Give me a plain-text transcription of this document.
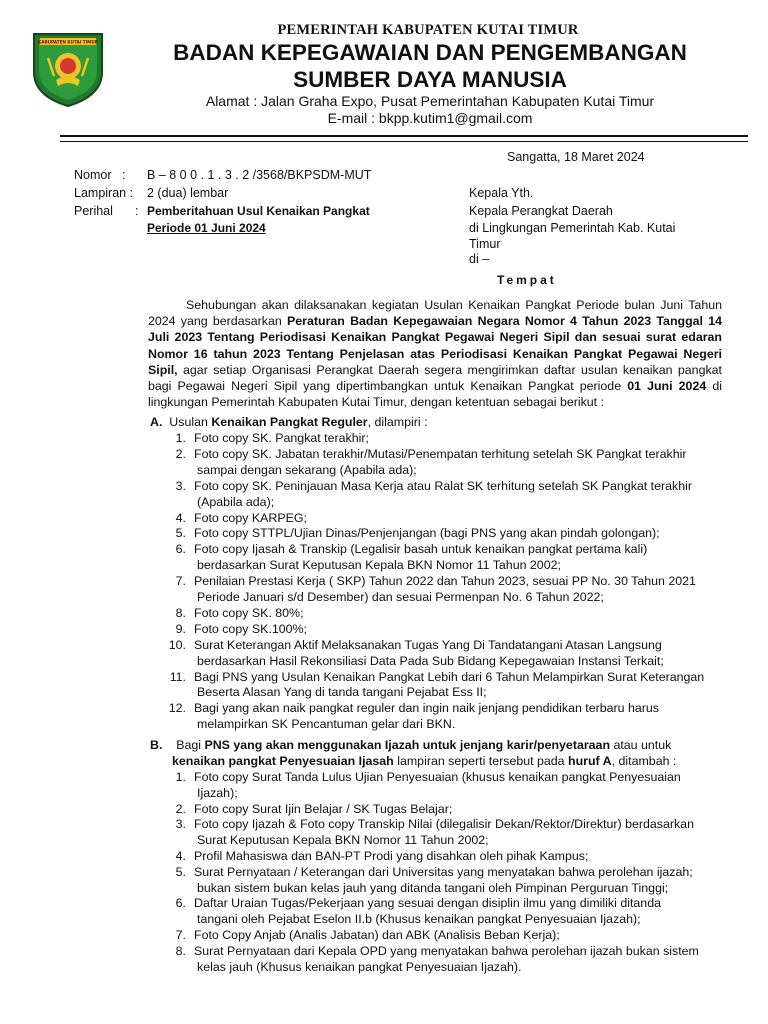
KABUPATEN KUTAI TIMUR
PEMERINTAH KABUPATEN KUTAI TIMUR
BADAN KEPEGAWAIAN DAN PENGEMBANGAN
SUMBER DAYA MANUSIA
Alamat : Jalan Graha Expo, Pusat Pemerintahan Kabupaten Kutai Timur
E-mail : bkpp.kutim1@gmail.com
Sangatta, 18 Maret 2024
Nomor : B – 8 0 0 . 1 . 3 . 2 /3568/BKPSDM-MUT
Lampiran : 2 (dua) lembar
Perihal : Pemberitahuan Usul Kenaikan Pangkat
Periode 01 Juni 2024
Kepala Yth.
Kepala Perangkat Daerah
di Lingkungan Pemerintah Kab. Kutai
Timur
di –
Tempat
Sehubungan akan dilaksanakan kegiatan Usulan Kenaikan Pangkat Periode bulan Juni Tahun 2024 yang berdasarkan Peraturan Badan Kepegawaian Negara Nomor 4 Tahun 2023 Tanggal 14 Juli 2023 Tentang Periodisasi Kenaikan Pangkat Pegawai Negeri Sipil dan sesuai surat edaran Nomor 16 tahun 2023 Tentang Penjelasan atas Periodisasi Kenaikan Pangkat Pegawai Negeri Sipil, agar setiap Organisasi Perangkat Daerah segera mengirimkan daftar usulan kenaikan pangkat bagi Pegawai Negeri Sipil yang dipertimbangkan untuk Kenaikan Pangkat periode 01 Juni 2024 di lingkungan Pemerintah Kabupaten Kutai Timur, dengan ketentuan sebagai berikut :
A. Usulan Kenaikan Pangkat Reguler, dilampiri :
1. Foto copy SK. Pangkat terakhir;
2. Foto copy SK. Jabatan terakhir/Mutasi/Penempatan terhitung setelah SK Pangkat terakhir
sampai dengan sekarang (Apabila ada);
3. Foto copy SK. Peninjauan Masa Kerja atau Ralat SK terhitung setelah SK Pangkat terakhir
(Apabila ada);
4. Foto copy KARPEG;
5. Foto copy STTPL/Ujian Dinas/Penjenjangan (bagi PNS yang akan pindah golongan);
6. Foto copy Ijasah & Transkip (Legalisir basah untuk kenaikan pangkat pertama kali)
berdasarkan Surat Keputusan Kepala BKN Nomor 11 Tahun 2002;
7. Penilaian Prestasi Kerja ( SKP) Tahun 2022 dan Tahun 2023, sesuai PP No. 30 Tahun 2021
Periode Januari s/d Desember) dan sesuai Permenpan No. 6 Tahun 2022;
8. Foto copy SK. 80%;
9. Foto copy SK.100%;
10. Surat Keterangan Aktif Melaksanakan Tugas Yang Di Tandatangani Atasan Langsung
berdasarkan Hasil Rekonsiliasi Data Pada Sub Bidang Kepegawaian Instansi Terkait;
11. Bagi PNS yang Usulan Kenaikan Pangkat Lebih dari 6 Tahun Melampirkan Surat Keterangan
Beserta Alasan Yang di tanda tangani Pejabat Ess II;
12. Bagi yang akan naik pangkat reguler dan ingin naik jenjang pendidikan terbaru harus
melampirkan SK Pencantuman gelar dari BKN.
B. Bagi PNS yang akan menggunakan Ijazah untuk jenjang karir/penyetaraan atau untuk
kenaikan pangkat Penyesuaian Ijasah lampiran seperti tersebut pada huruf A, ditambah :
1. Foto copy Surat Tanda Lulus Ujian Penyesuaian (khusus kenaikan pangkat Penyesuaian
Ijazah);
2. Foto copy Surat Ijin Belajar / SK Tugas Belajar;
3. Foto copy Ijazah & Foto copy Transkip Nilai (dilegalisir Dekan/Rektor/Direktur) berdasarkan
Surat Keputusan Kepala BKN Nomor 11 Tahun 2002;
4. Profil Mahasiswa dan BAN-PT Prodi yang disahkan oleh pihak Kampus;
5. Surat Pernyataan / Keterangan dari Universitas yang menyatakan bahwa perolehan ijazah;
bukan sistem bukan kelas jauh yang ditanda tangani oleh Pimpinan Perguruan Tinggi;
6. Daftar Uraian Tugas/Pekerjaan yang sesuai dengan disiplin ilmu yang dimiliki ditanda
tangani oleh Pejabat Eselon II.b (Khusus kenaikan pangkat Penyesuaian Ijazah);
7. Foto Copy Anjab (Analis Jabatan) dan ABK (Analisis Beban Kerja);
8. Surat Pernyataan dari Kepala OPD yang menyatakan bahwa perolehan ijazah bukan sistem
kelas jauh (Khusus kenaikan pangkat Penyesuaian Ijazah).
